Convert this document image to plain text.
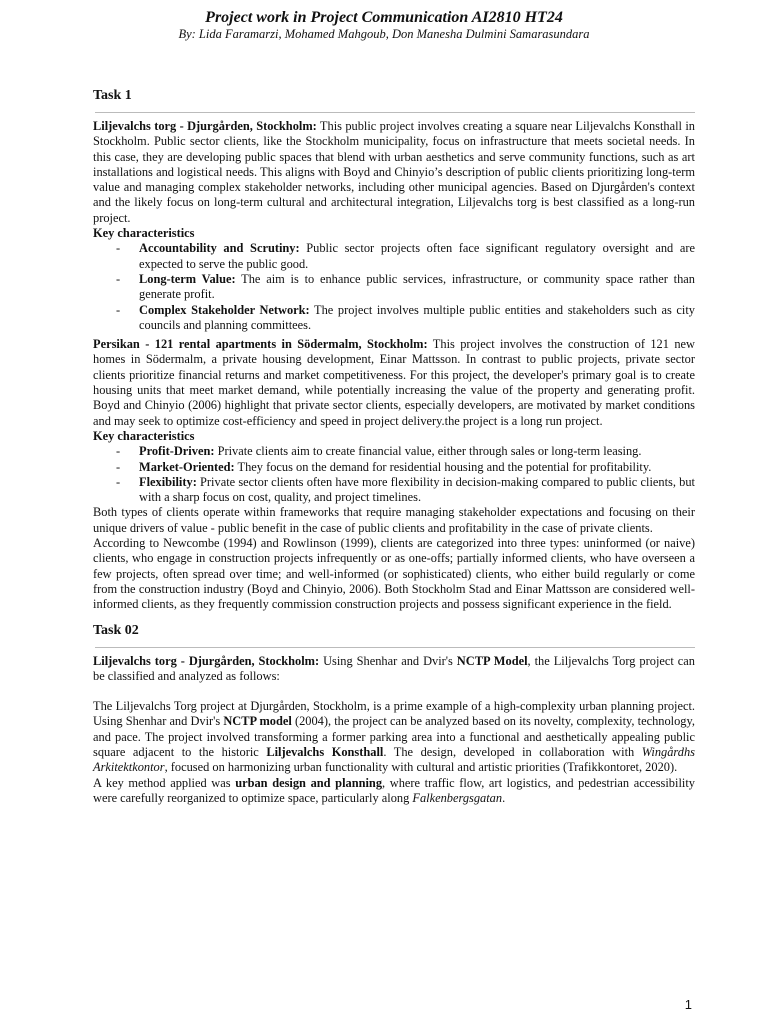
Project work in Project Communication AI2810 HT24
By: Lida Faramarzi, Mohamed Mahgoub, Don Manesha Dulmini Samarasundara
Task 1

Liljevalchs torg - Djurgården, Stockholm: This public project involves creating a square near Liljevalchs Konsthall in Stockholm. Public sector clients, like the Stockholm municipality, focus on infrastructure that meets societal needs. In this case, they are developing public spaces that blend with urban aesthetics and serve community functions, such as art installations and logistical needs. This aligns with Boyd and Chinyio’s description of public clients prioritizing long-term value and managing complex stakeholder networks, including other municipal agencies. Based on Djurgården's context and the likely focus on long-term cultural and architectural integration, Liljevalchs torg is best classified as a long-run project.

Key characteristics
- Accountability and Scrutiny: Public sector projects often face significant regulatory oversight and are expected to serve the public good.
- Long-term Value: The aim is to enhance public services, infrastructure, or community space rather than generate profit.
- Complex Stakeholder Network: The project involves multiple public entities and stakeholders such as city councils and planning committees.

Persikan - 121 rental apartments in Södermalm, Stockholm: This project involves the construction of 121 new homes in Södermalm, a private housing development, Einar Mattsson. In contrast to public projects, private sector clients prioritize financial returns and market competitiveness. For this project, the developer's primary goal is to create housing units that meet market demand, while potentially increasing the value of the property and generating profit. Boyd and Chinyio (2006) highlight that private sector clients, especially developers, are motivated by market conditions and may seek to optimize cost-efficiency and speed in project delivery.the project is a long run project.

Key characteristics
- Profit-Driven: Private clients aim to create financial value, either through sales or long-term leasing.
- Market-Oriented: They focus on the demand for residential housing and the potential for profitability.
- Flexibility: Private sector clients often have more flexibility in decision-making compared to public clients, but with a sharp focus on cost, quality, and project timelines.

Both types of clients operate within frameworks that require managing stakeholder expectations and focusing on their unique drivers of value - public benefit in the case of public clients and profitability in the case of private clients.

According to Newcombe (1994) and Rowlinson (1999), clients are categorized into three types: uninformed (or naive) clients, who engage in construction projects infrequently or as one-offs; partially informed clients, who have overseen a few projects, often spread over time; and well-informed (or sophisticated) clients, who either build regularly or come from the construction industry (Boyd and Chinyio, 2006). Both Stockholm Stad and Einar Mattsson are considered well-informed clients, as they frequently commission construction projects and possess significant experience in the field.

Task 02

Liljevalchs torg - Djurgården, Stockholm: Using Shenhar and Dvir's NCTP Model, the Liljevalchs Torg project can be classified and analyzed as follows:

The Liljevalchs Torg project at Djurgården, Stockholm, is a prime example of a high-complexity urban planning project. Using Shenhar and Dvir's NCTP model (2004), the project can be analyzed based on its novelty, complexity, technology, and pace. The project involved transforming a former parking area into a functional and aesthetically appealing public square adjacent to the historic Liljevalchs Konsthall. The design, developed in collaboration with Wingårdhs Arkitektkontor, focused on harmonizing urban functionality with cultural and artistic priorities (Trafikkontoret, 2020).

A key method applied was urban design and planning, where traffic flow, art logistics, and pedestrian accessibility were carefully reorganized to optimize space, particularly along Falkenbergsgatan.

1
